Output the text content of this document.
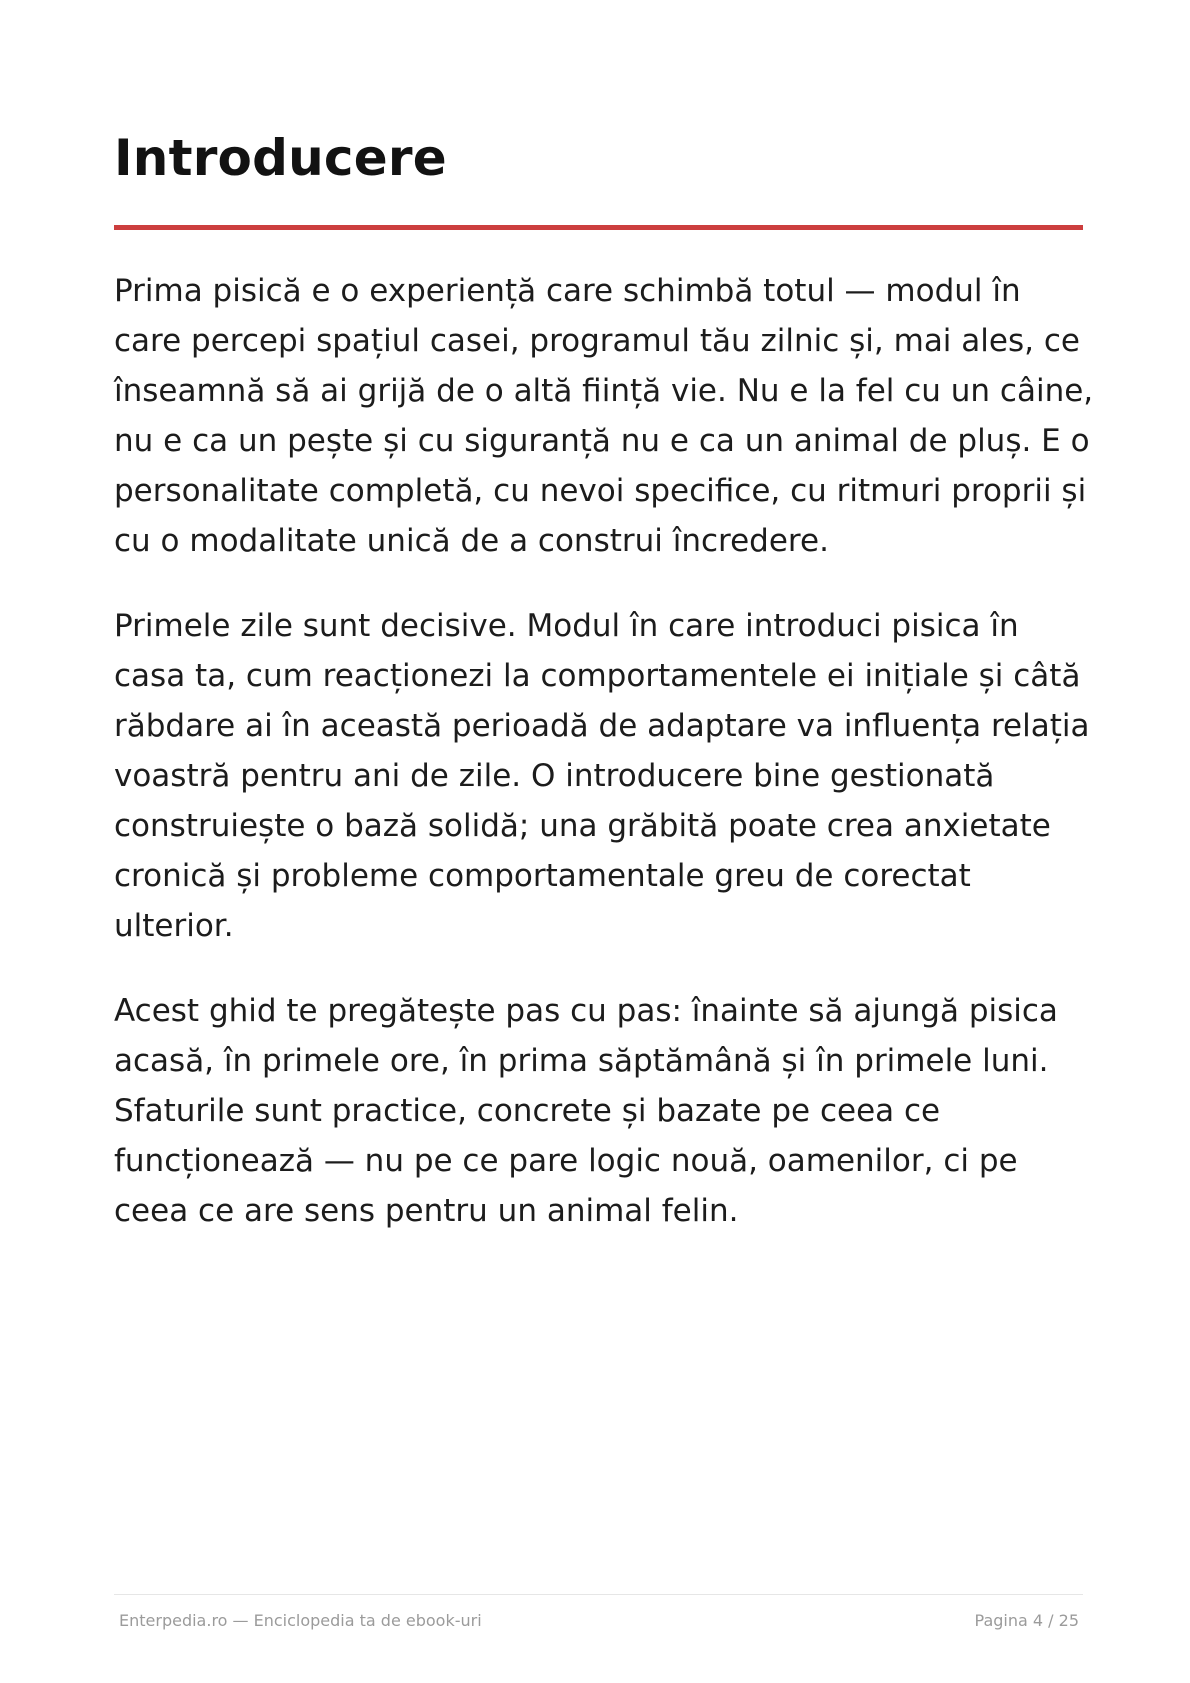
Introducere

Prima pisică e o experiență care schimbă totul — modul în care percepi spațiul casei, programul tău zilnic și, mai ales, ce înseamnă să ai grijă de o altă ființă vie. Nu e la fel cu un câine, nu e ca un pește și cu siguranță nu e ca un animal de pluș. E o personalitate completă, cu nevoi specifice, cu ritmuri proprii și cu o modalitate unică de a construi încredere.

Primele zile sunt decisive. Modul în care introduci pisica în casa ta, cum reacționezi la comportamentele ei inițiale și câtă răbdare ai în această perioadă de adaptare va influența relația voastră pentru ani de zile. O introducere bine gestionată construiește o bază solidă; una grăbită poate crea anxietate cronică și probleme comportamentale greu de corectat ulterior.

Acest ghid te pregătește pas cu pas: înainte să ajungă pisica acasă, în primele ore, în prima săptămână și în primele luni. Sfaturile sunt practice, concrete și bazate pe ceea ce funcționează — nu pe ce pare logic nouă, oamenilor, ci pe ceea ce are sens pentru un animal felin.

Enterpedia.ro — Enciclopedia ta de ebook-uri	Pagina 4 / 25
